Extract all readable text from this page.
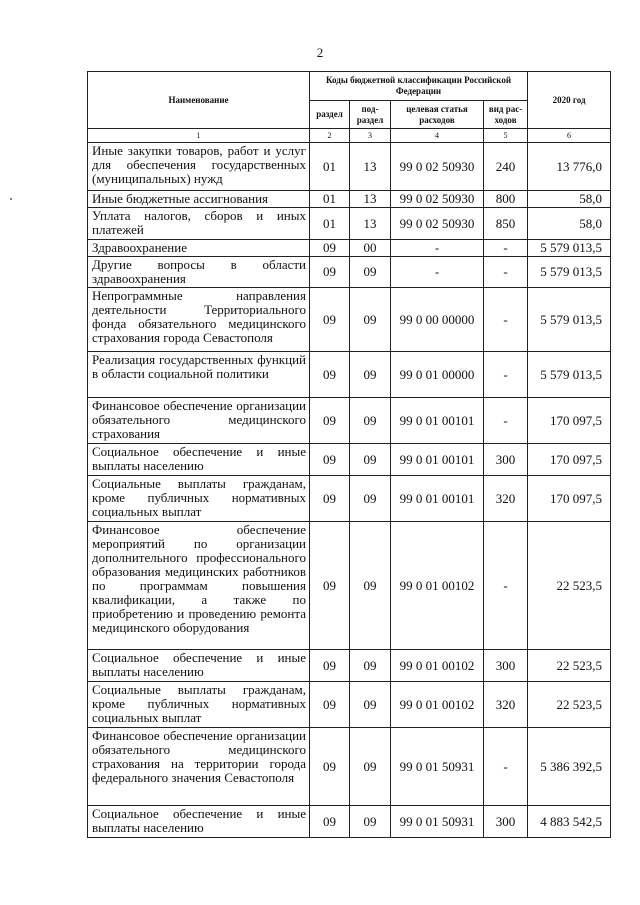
2
Наименование	Коды бюджетной классификации Российской Федерации				2020 год
	раздел	под-раздел	целевая статья расходов	вид рас-ходов	
1	2	3	4	5	6
Иные закупки товаров, работ и услуг для обеспечения государственных (муниципальных) нужд	01	13	99 0 02 50930	240	13 776,0
Иные бюджетные ассигнования	01	13	99 0 02 50930	800	58,0
Уплата налогов, сборов и иных платежей	01	13	99 0 02 50930	850	58,0
Здравоохранение	09	00	-	-	5 579 013,5
Другие вопросы в области здравоохранения	09	09	-	-	5 579 013,5
Непрограммные направления деятельности Территориального фонда обязательного медицинского страхования города Севастополя	09	09	99 0 00 00000	-	5 579 013,5
Реализация государственных функций в области социальной политики	09	09	99 0 01 00000	-	5 579 013,5
Финансовое обеспечение организации обязательного медицинского страхования	09	09	99 0 01 00101	-	170 097,5
Социальное обеспечение и иные выплаты населению	09	09	99 0 01 00101	300	170 097,5
Социальные выплаты гражданам, кроме публичных нормативных социальных выплат	09	09	99 0 01 00101	320	170 097,5
Финансовое обеспечение мероприятий по организации дополнительного профессионального образования медицинских работников по программам повышения квалификации, а также по приобретению и проведению ремонта медицинского оборудования	09	09	99 0 01 00102	-	22 523,5
Социальное обеспечение и иные выплаты населению	09	09	99 0 01 00102	300	22 523,5
Социальные выплаты гражданам, кроме публичных нормативных социальных выплат	09	09	99 0 01 00102	320	22 523,5
Финансовое обеспечение организации обязательного медицинского страхования на территории города федерального значения Севастополя	09	09	99 0 01 50931	-	5 386 392,5
Социальное обеспечение и иные выплаты населению	09	09	99 0 01 50931	300	4 883 542,5
